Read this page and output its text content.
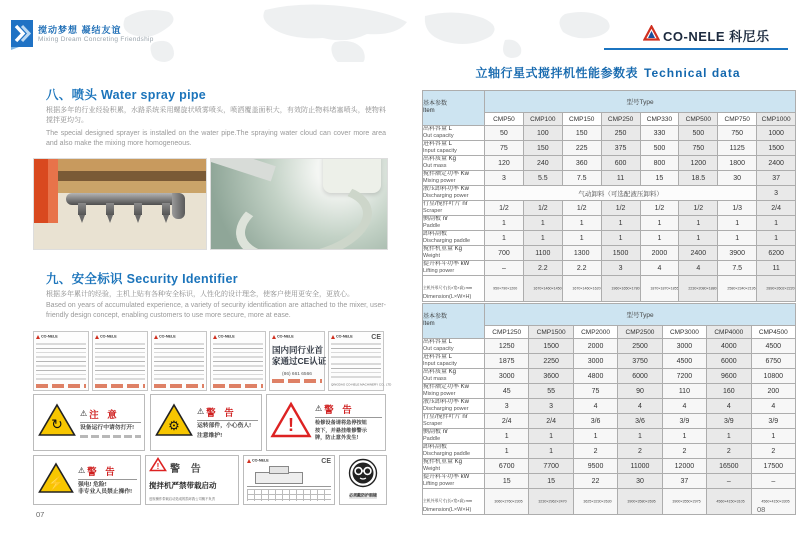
搅动梦想 凝结友谊
Mixing Dream Concreting Friendship	CO-NELE 科尼乐
八、喷头 Water spray pipe
根据多年的行业经验积累，水路系统采用螺旋状喷雾喷头，喷洒覆盖面积大，有效防止物料堵塞喷头，使物料搅拌更均匀。
The special designed sprayer is installed on the water pipe.The spraying water cloud can cover more area and also make the mixing more homogeneous.
九、安全标识 Security Identifier
根据多年累计的经验，主机上贴有各种安全标识，人性化的设计理念，使客户使用更安全，更放心。
Based on years of accumulated experience, a variety of security identification are attached to the mixer, user-friendly design concept, enabling customers to use more secure, more at ease.
CO-NELE	CO-NELE	CO-NELE	CO-NELE	CO-NELE
国内同行业首
家通过CE认证
(86) 661 6566
CO-NELE	CE
QINGDAO CO-NELE MACHINERY CO., LTD
↻
⚠ 注 意
设备运行中请勿打开!	⚙
⚠ 警 告
运转部件，小心伤人!
注意维护!
!
⚠ 警 告
检修设备请将急停按钮
按下，并悬挂维修警示
牌，防止意外发生!
⚡
⚠ 警 告
强电! 危险!
非专业人员禁止操作!
! 警 告
搅拌机严禁带载启动
违规操作带载启动造成的损坏我公司概不负责
CO-NELE	CE
必须戴防护眼镜
07
立轴行星式搅拌机性能参数表 Technical data
基本参数
Item	型号Type							
	CMP50	CMP100	CMP150	CMP250	CMP330	CMP500	CMP750	CMP1000

出料容量 L
Out capacity	50	100	150	250	330	500	750	1000

进料容量 L
Input capacity	75	150	225	375	500	750	1125	1500

出料质量 Kg
Out mass	120	240	360	600	800	1200	1800	2400

搅拌额定功率 Kw
Mixing power	3	5.5	7.5	11	15	18.5	30	37

液压卸料功率 Kw
Discharging power	气动卸料（可选配液压卸料）							3

行星/搅拌叶片 nr
Scraper	1/2	1/2	1/2	1/2	1/2	1/2	1/3	2/4

侧刮板 nr
Paddle	1	1	1	1	1	1	1	1

卸料刮板
Discharging paddle	1	1	1	1	1	1	1	1

搅拌机重量 Kg
Weight	700	1100	1300	1500	2000	2400	3900	6200

提升料斗功率 kW
Lifting power	–	2.2	2.2	3	4	4	7.5	11
主机外形尺寸(长×宽×高) mm
Dimension(L×W×H)	950×790×1200	1670×1460×1450	1670×1460×1620	1960×1650×1780	1870×1870×1855	2230×2080×1880	2580×2340×2195	2890×2602×2220
基本参数
Item	型号Type						
	CMP1250	CMP1500	CMP2000	CMP2500	CMP3000	CMP4000	CMP4500

出料容量 L
Out capacity	1250	1500	2000	2500	3000	4000	4500

进料容量 L
Input capacity	1875	2250	3000	3750	4500	6000	6750

出料质量 Kg
Out mass	3000	3600	4800	6000	7200	9600	10800

搅拌额定功率 Kw
Mixing power	45	55	75	90	110	160	200

液压卸料功率 Kw
Discharging power	3	3	4	4	4	4	4

行星/搅拌叶片 nr
Scraper	2/4	2/4	3/6	3/6	3/9	3/9	3/9

侧刮板 nr
Paddle	1	1	1	1	1	1	1

卸料刮板
Discharging paddle	1	1	2	2	2	2	2

搅拌机重量 Kg
Weight	6700	7700	9500	11000	12000	16500	17500

提升料斗功率 kW
Lifting power	15	15	22	30	37	–	–
主机外形尺寸(长×宽×高) mm
Dimension(L×W×H)	3060×2760×2305	3230×2962×2470	3625×3230×2630	3900×3580×2695	3900×3550×2975	4560×4150×3105	4560×4150×3305
08
